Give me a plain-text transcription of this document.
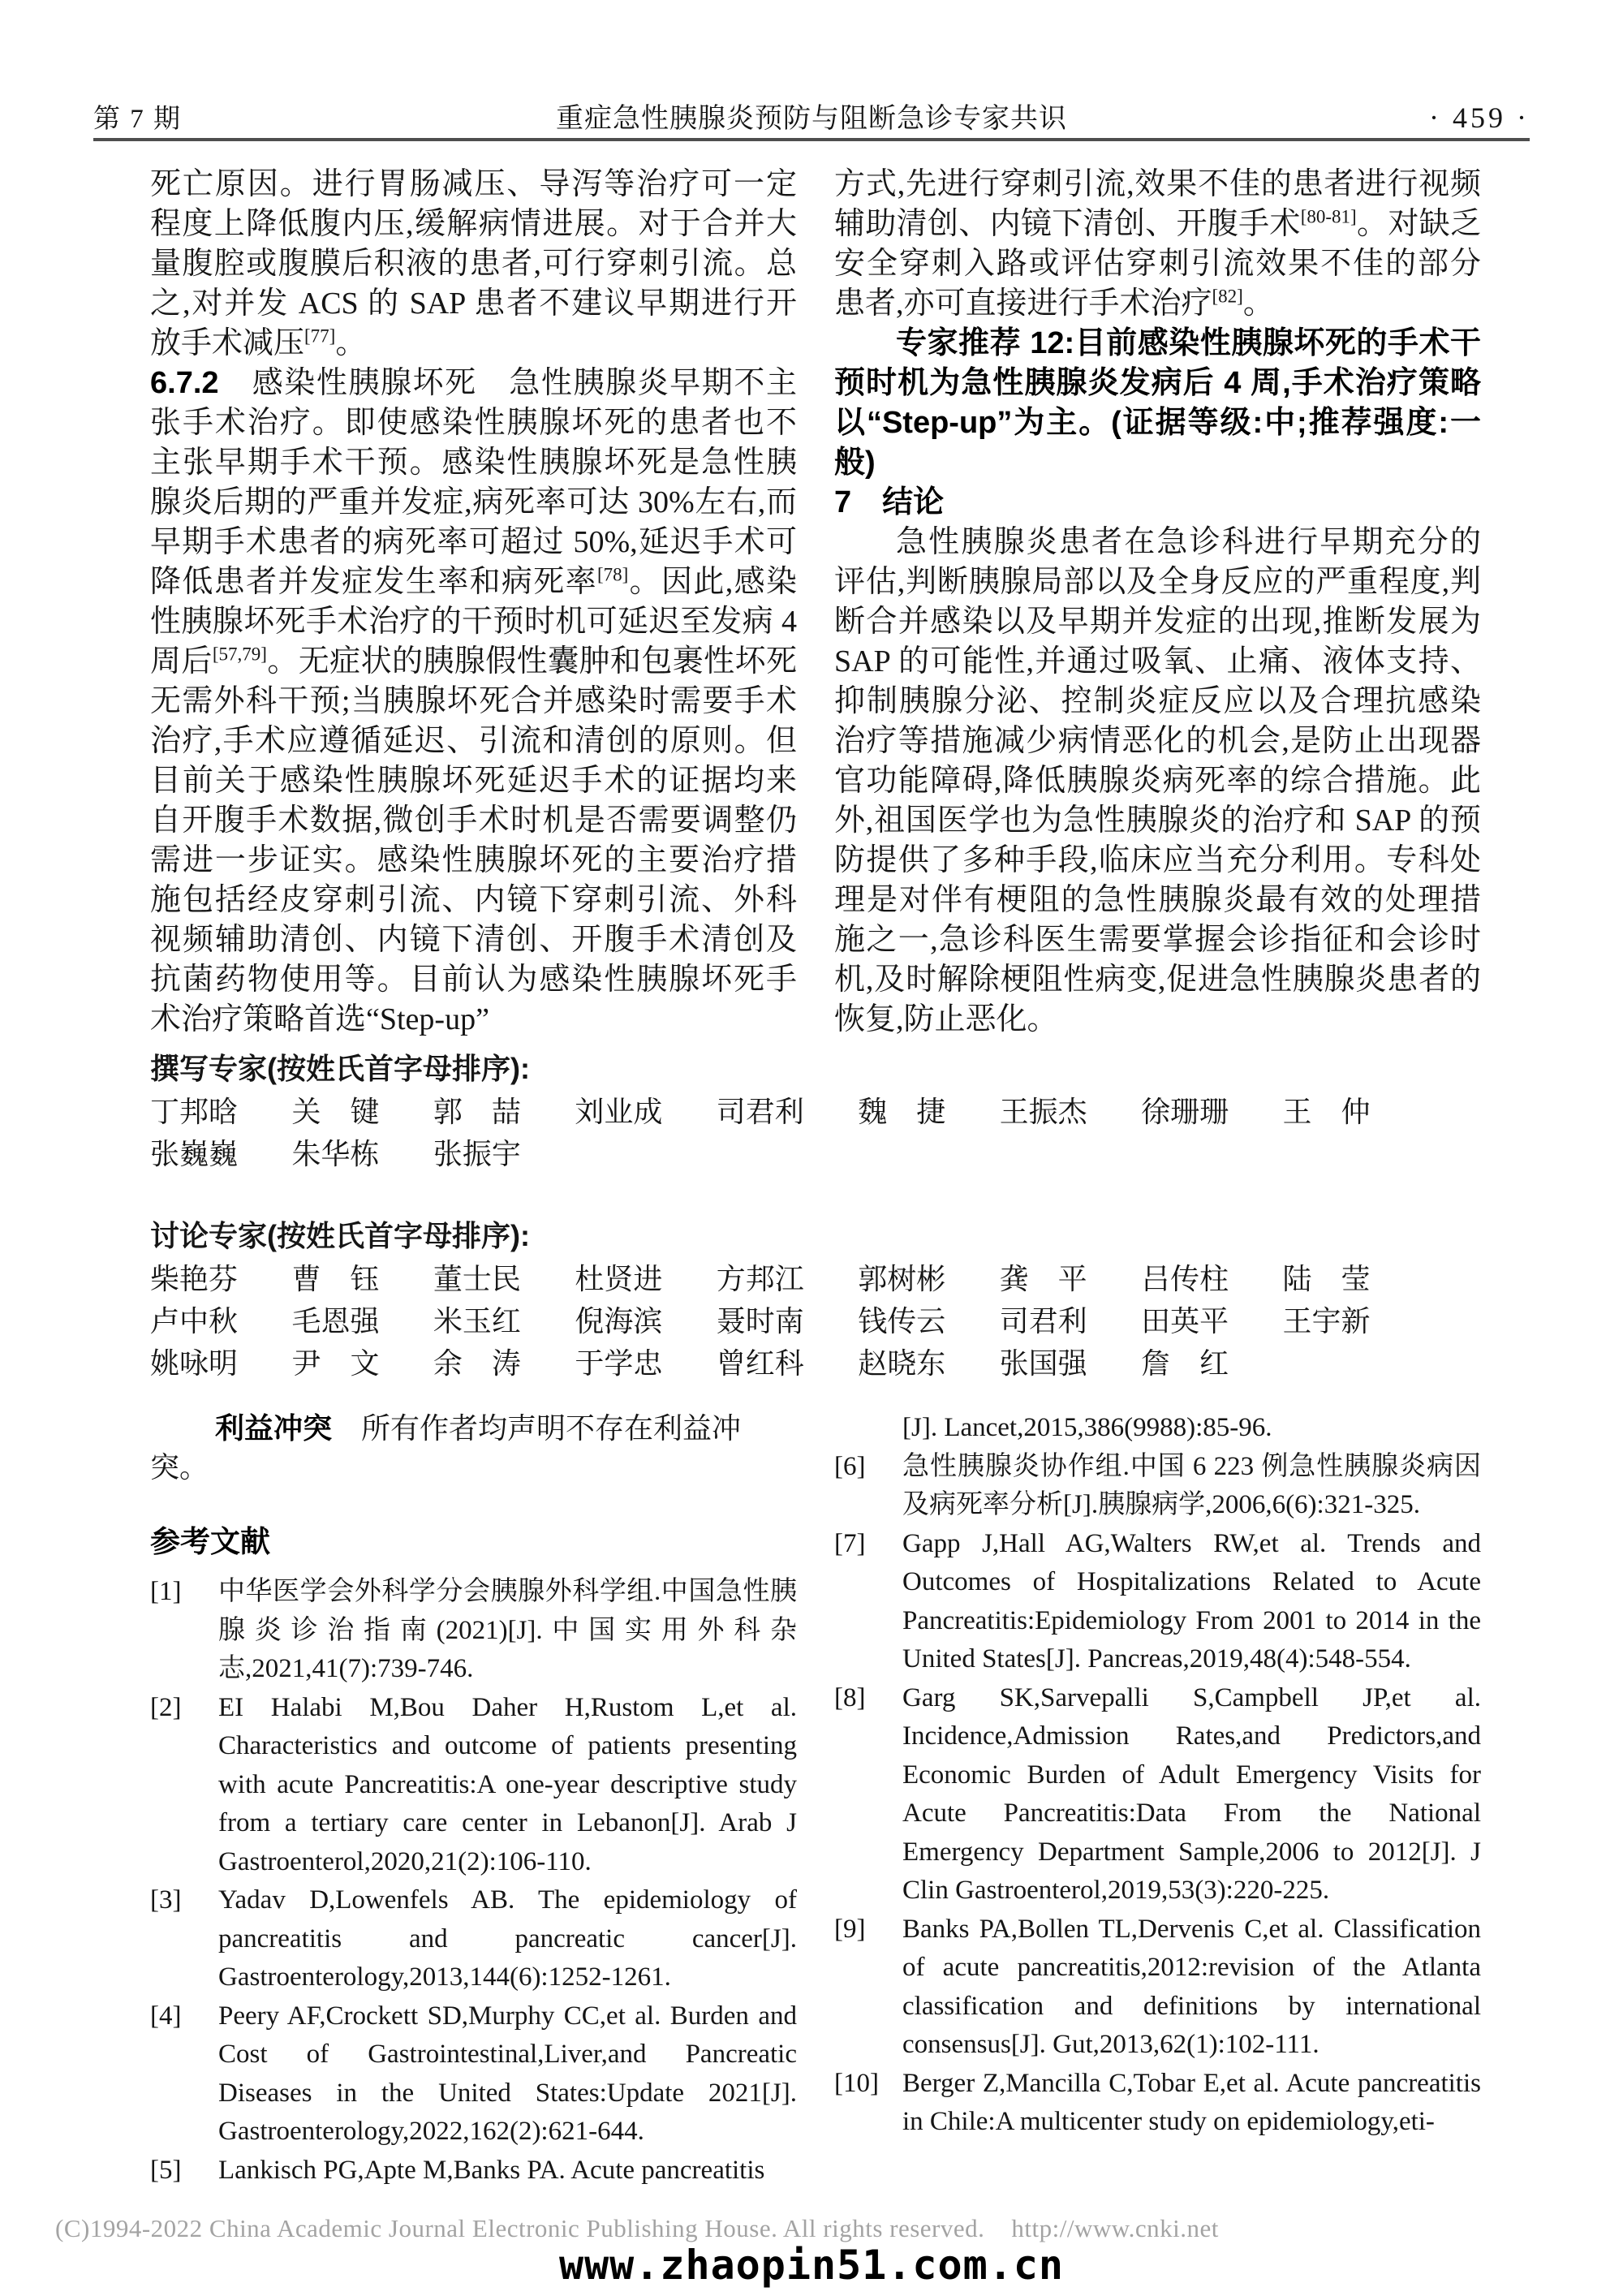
第 7 期	重症急性胰腺炎预防与阻断急诊专家共识	· 459 ·
死亡原因。进行胃肠减压、导泻等治疗可一定程度上降低腹内压,缓解病情进展。对于合并大量腹腔或腹膜后积液的患者,可行穿刺引流。总之,对并发 ACS 的 SAP 患者不建议早期进行开放手术减压[77]。
6.7.2　感染性胰腺坏死　急性胰腺炎早期不主张手术治疗。即使感染性胰腺坏死的患者也不主张早期手术干预。感染性胰腺坏死是急性胰腺炎后期的严重并发症,病死率可达 30%左右,而早期手术患者的病死率可超过 50%,延迟手术可降低患者并发症发生率和病死率[78]。因此,感染性胰腺坏死手术治疗的干预时机可延迟至发病 4 周后[57,79]。无症状的胰腺假性囊肿和包裹性坏死无需外科干预;当胰腺坏死合并感染时需要手术治疗,手术应遵循延迟、引流和清创的原则。但目前关于感染性胰腺坏死延迟手术的证据均来自开腹手术数据,微创手术时机是否需要调整仍需进一步证实。感染性胰腺坏死的主要治疗措施包括经皮穿刺引流、内镜下穿刺引流、外科视频辅助清创、内镜下清创、开腹手术清创及抗菌药物使用等。目前认为感染性胰腺坏死手术治疗策略首选“Step-up”
方式,先进行穿刺引流,效果不佳的患者进行视频辅助清创、内镜下清创、开腹手术[80-81]。对缺乏安全穿刺入路或评估穿刺引流效果不佳的部分患者,亦可直接进行手术治疗[82]。
专家推荐 12:目前感染性胰腺坏死的手术干预时机为急性胰腺炎发病后 4 周,手术治疗策略以“Step-up”为主。(证据等级:中;推荐强度:一般)
7　结论
急性胰腺炎患者在急诊科进行早期充分的评估,判断胰腺局部以及全身反应的严重程度,判断合并感染以及早期并发症的出现,推断发展为 SAP 的可能性,并通过吸氧、止痛、液体支持、抑制胰腺分泌、控制炎症反应以及合理抗感染治疗等措施减少病情恶化的机会,是防止出现器官功能障碍,降低胰腺炎病死率的综合措施。此外,祖国医学也为急性胰腺炎的治疗和 SAP 的预防提供了多种手段,临床应当充分利用。专科处理是对伴有梗阻的急性胰腺炎最有效的处理措施之一,急诊科医生需要掌握会诊指征和会诊时机,及时解除梗阻性病变,促进急性胰腺炎患者的恢复,防止恶化。
撰写专家(按姓氏首字母排序):
丁邦晗	关　键	郭　喆	刘业成	司君利	魏　捷	王振杰	徐珊珊	王　仲
张巍巍	朱华栋	张振宇
讨论专家(按姓氏首字母排序):
柴艳芬	曹　钰	董士民	杜贤进	方邦江	郭树彬	龚　平	吕传柱	陆　莹
卢中秋	毛恩强	米玉红	倪海滨	聂时南	钱传云	司君利	田英平	王宇新
姚咏明	尹　文	余　涛	于学忠	曾红科	赵晓东	张国强	詹　红
利益冲突　所有作者均声明不存在利益冲突。
参考文献
[1]	中华医学会外科学分会胰腺外科学组.中国急性胰腺炎诊治指南(2021)[J].中国实用外科杂志,2021,41(7):739-746.
[2]	EI Halabi M,Bou Daher H,Rustom L,et al. Characteristics and outcome of patients presenting with acute Pancreatitis:A one-year descriptive study from a tertiary care center in Lebanon[J]. Arab J Gastroenterol,2020,21(2):106-110.
[3]	Yadav D,Lowenfels AB. The epidemiology of pancreatitis and pancreatic cancer[J]. Gastroenterology,2013,144(6):1252-1261.
[4]	Peery AF,Crockett SD,Murphy CC,et al. Burden and Cost of Gastrointestinal,Liver,and Pancreatic Diseases in the United States:Update 2021[J]. Gastroenterology,2022,162(2):621-644.
[5]	Lankisch PG,Apte M,Banks PA. Acute pancreatitis
[J]. Lancet,2015,386(9988):85-96.
[6]	急性胰腺炎协作组.中国 6 223 例急性胰腺炎病因及病死率分析[J].胰腺病学,2006,6(6):321-325.
[7]	Gapp J,Hall AG,Walters RW,et al. Trends and Outcomes of Hospitalizations Related to Acute Pancreatitis:Epidemiology From 2001 to 2014 in the United States[J]. Pancreas,2019,48(4):548-554.
[8]	Garg SK,Sarvepalli S,Campbell JP,et al. Incidence,Admission Rates,and Predictors,and Economic Burden of Adult Emergency Visits for Acute Pancreatitis:Data From the National Emergency Department Sample,2006 to 2012[J]. J Clin Gastroenterol,2019,53(3):220-225.
[9]	Banks PA,Bollen TL,Dervenis C,et al. Classification of acute pancreatitis,2012:revision of the Atlanta classification and definitions by international consensus[J]. Gut,2013,62(1):102-111.
[10] Berger Z,Mancilla C,Tobar E,et al. Acute pancreatitis in Chile:A multicenter study on epidemiology,eti-
(C)1994-2022 China Academic Journal Electronic Publishing House. All rights reserved.    http://www.cnki.net
www.zhaopin51.com.cn
